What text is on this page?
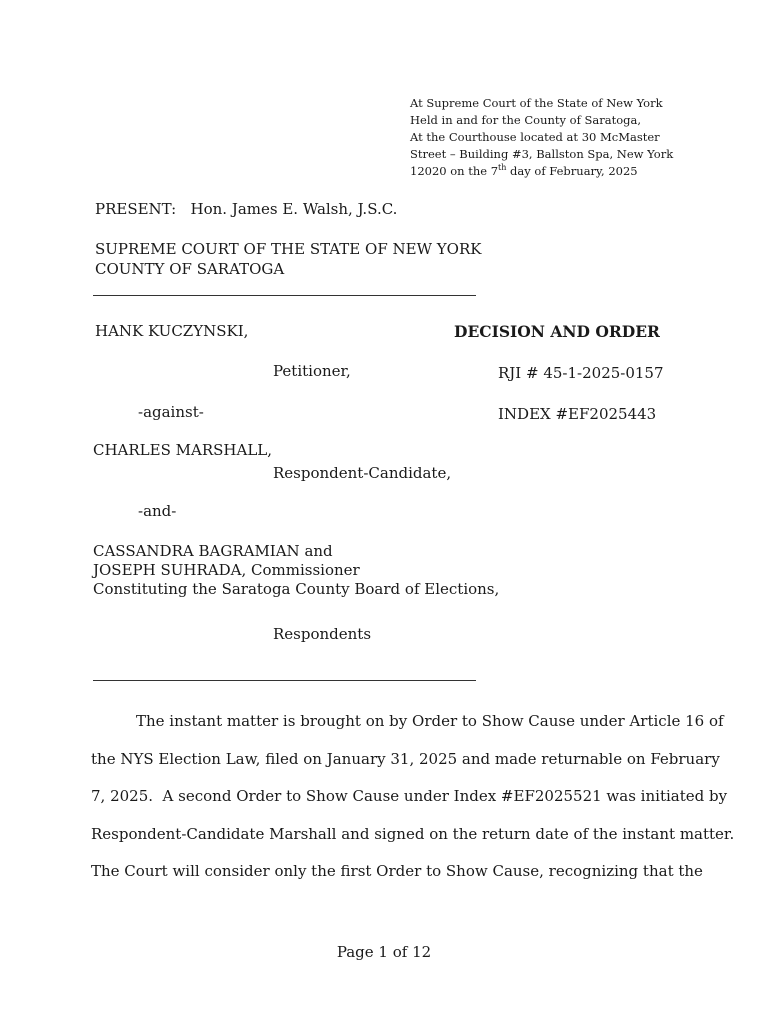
At Supreme Court of the State of New York
Held in and for the County of Saratoga,
At the Courthouse located at 30 McMaster
Street – Building #3, Ballston Spa, New York
12020 on the 7th day of February, 2025
PRESENT:   Hon. James E. Walsh, J.S.C.
SUPREME COURT OF THE STATE OF NEW YORK
COUNTY OF SARATOGA
HANK KUCZYNSKI,	DECISION AND ORDER
Petitioner,	RJI # 45-1-2025-0157
-against-	INDEX #EF2025443
CHARLES MARSHALL,
Respondent-Candidate,
-and-
CASSANDRA BAGRAMIAN and
JOSEPH SUHRADA, Commissioner
Constituting the Saratoga County Board of Elections,
Respondents
The instant matter is brought on by Order to Show Cause under Article 16 of
the NYS Election Law, filed on January 31, 2025 and made returnable on February
7, 2025.  A second Order to Show Cause under Index #EF2025521 was initiated by
Respondent-Candidate Marshall and signed on the return date of the instant matter.
The Court will consider only the first Order to Show Cause, recognizing that the
Page 1 of 12
